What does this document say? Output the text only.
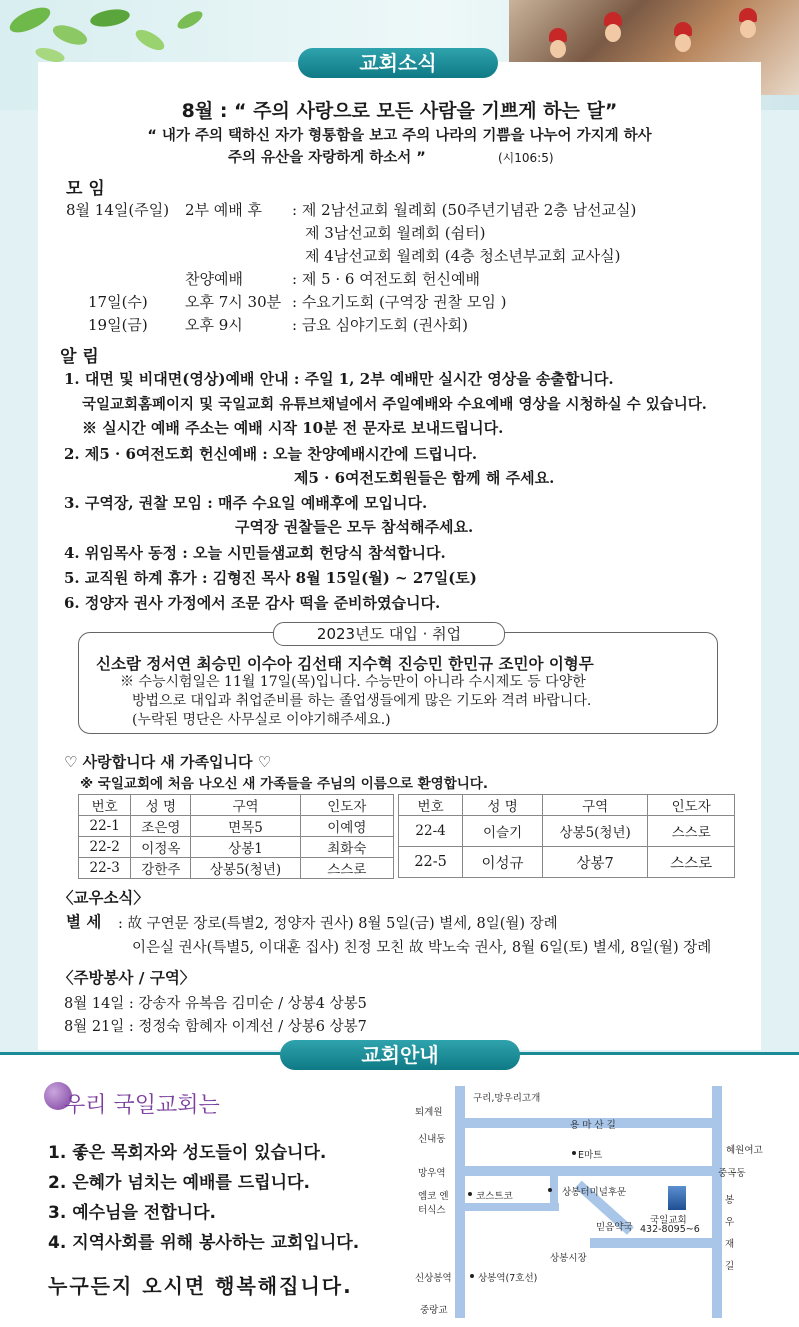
교회소식
8월 : “ 주의 사랑으로 모든 사람을 기쁘게 하는 달”
“ 내가 주의 택하신 자가 형통함을 보고 주의 나라의 기쁨을 나누어 가지게 하사
주의 유산을 자랑하게 하소서 ”	(시106:5)
모 임
8월 14일(주일) 2부 예배 후 : 제 2남선교회 월례회 (50주년기념관 2층 남선교실)
제 3남선교회 월례회 (쉼터)
제 4남선교회 월례회 (4층 청소년부교회 교사실)
찬양예배	: 제 5 · 6 여전도회 헌신예배
17일(수) 오후 7시 30분 : 수요기도회 (구역장 권찰 모임 )
19일(금) 오후 9시	: 금요 심야기도회 (권사회)
알 림
1. 대면 및 비대면(영상)예배 안내 : 주일 1, 2부 예배만 실시간 영상을 송출합니다.
국일교회홈페이지 및 국일교회 유튜브채널에서 주일예배와 수요예배 영상을 시청하실 수 있습니다.
※ 실시간 예배 주소는 예배 시작 10분 전 문자로 보내드립니다.
2. 제5 · 6여전도회 헌신예배 : 오늘 찬양예배시간에 드립니다.
제5 · 6여전도회원들은 함께 해 주세요.
3. 구역장, 권찰 모임 : 매주 수요일 예배후에 모입니다.
구역장 권찰들은 모두 참석해주세요.
4. 위임목사 동정 : 오늘 시민들샘교회 헌당식 참석합니다.
5. 교직원 하계 휴가 : 김형진 목사 8월 15일(월) ~ 27일(토)
6. 정양자 권사 가정에서 조문 감사 떡을 준비하였습니다.
2023년도 대입 · 취업
신소람 정서연 최승민 이수아 김선태 지수혁 진승민 한민규 조민아 이형무
※ 수능시험일은 11월 17일(목)입니다. 수능만이 아니라 수시제도 등 다양한
방법으로 대입과 취업준비를 하는 졸업생들에게 많은 기도와 격려 바랍니다.
(누락된 명단은 사무실로 이야기해주세요.)
♡ 사랑합니다 새 가족입니다 ♡
※ 국일교회에 처음 나오신 새 가족들을 주님의 이름으로 환영합니다.
번호	성 명	구역	인도자
22-1	조은영	면목5	이예영
22-2	이정옥	상봉1	최화숙
22-3	강한주	상봉5(청년)	스스로
번호	성 명	구역	인도자
22-4	이슬기	상봉5(청년)	스스로
22-5	이성규	상봉7	스스로
〈교우소식〉
별 세 : 故 구연문 장로(특별2, 정양자 권사) 8월 5일(금) 별세, 8일(월) 장례
이은실 권사(특별5, 이대훈 집사) 친정 모친 故 박노숙 권사, 8월 6일(토) 별세, 8일(월) 장례
〈주방봉사 / 구역〉
8월 14일 : 강송자 유복음 김미순 / 상봉4 상봉5
8월 21일 : 정정숙 함혜자 이계선 / 상봉6 상봉7
교회안내
우리 국일교회는
1. 좋은 목회자와 성도들이 있습니다.
2. 은혜가 넘치는 예배를 드립니다.
3. 예수님을 전합니다.
4. 지역사회를 위해 봉사하는 교회입니다.
누구든지 오시면 행복해집니다.
구리,망우리고개
퇴계원
용 마 산 길
신내동
E마트	혜원여고
망우역	중곡동
코스트코	상봉터미널후문
엠코 엔터식스
국일교회
432-8095~6
믿음약국
봉 우 재 길
상봉시장
신상봉역	상봉역(7호선)
중랑교
